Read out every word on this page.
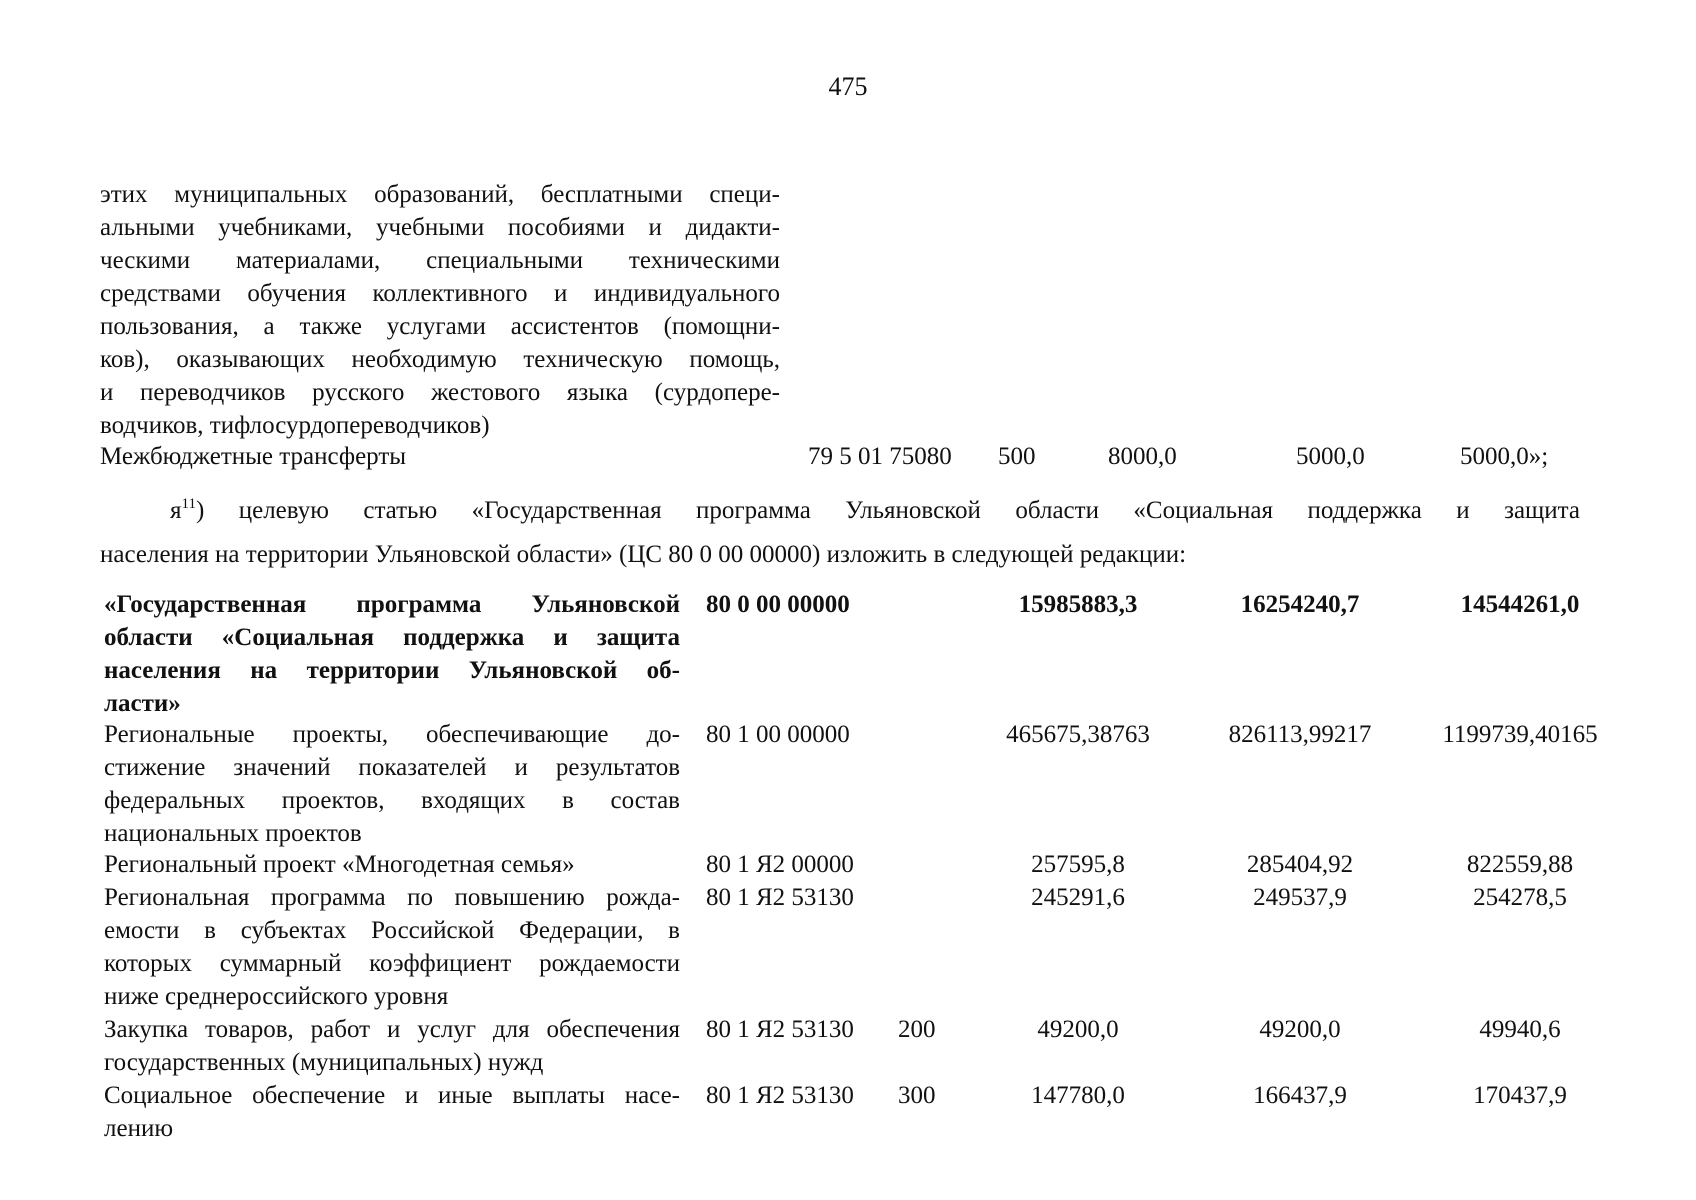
475
этих муниципальных образований, бесплатными специ-
альными учебниками, учебными пособиями и дидакти-
ческими материалами, специальными техническими
средствами обучения коллективного и индивидуального
пользования, а также услугами ассистентов (помощни-
ков), оказывающих необходимую техническую помощь,
и переводчиков русского жестового языка (сурдопере-
водчиков, тифлосурдопереводчиков)
Межбюджетные трансферты	79 5 01 75080 500	8000,0	5000,0	5000,0»;
$я^{11}$) целевую статью «Государственная программа Ульяновской области «Социальная поддержка и защита
населения на территории Ульяновской области» (ЦС 80 0 00 00000) изложить в следующей редакции:
«Государственная программа Ульяновской
области «Социальная поддержка и защита
населения на территории Ульяновской об-
ласти»
80 0 00 00000	15985883,3	16254240,7	14544261,0
Региональные проекты, обеспечивающие до-
стижение значений показателей и результатов
федеральных проектов, входящих в состав
национальных проектов
80 1 00 00000	465675,38763	826113,99217	1199739,40165
Региональный проект «Многодетная семья»	80 1 Я2 00000	257595,8	285404,92	822559,88
Региональная программа по повышению рожда-
емости в субъектах Российской Федерации, в
которых суммарный коэффициент рождаемости
ниже среднероссийского уровня
80 1 Я2 53130	245291,6	249537,9	254278,5
Закупка товаров, работ и услуг для обеспечения
государственных (муниципальных) нужд
80 1 Я2 53130 200	49200,0	49200,0	49940,6
Социальное обеспечение и иные выплаты насе-
лению
80 1 Я2 53130 300	147780,0	166437,9	170437,9
